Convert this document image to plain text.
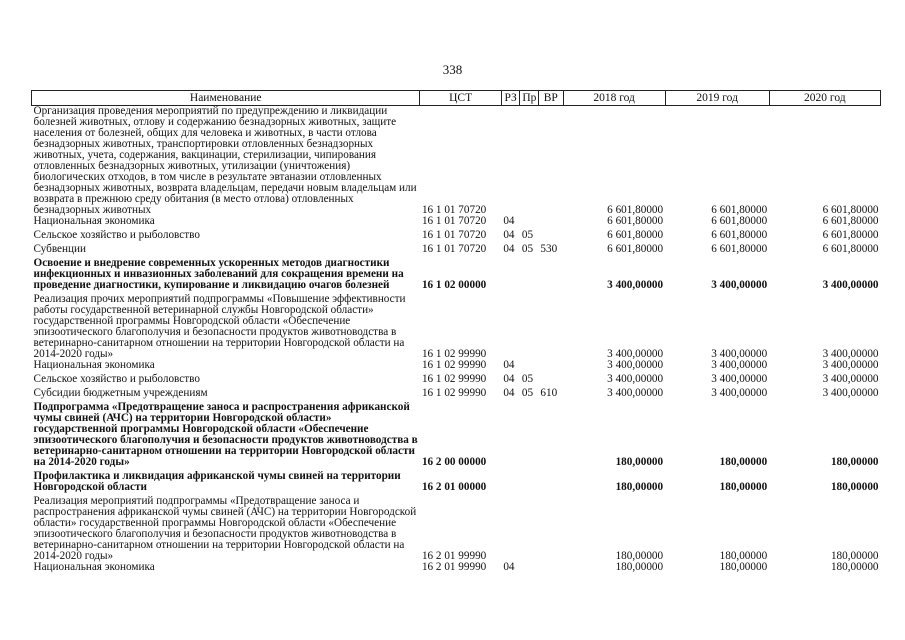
338
Наименование	ЦСТ	РЗ	Пр	ВР	2018 год	2019 год	2020 год
Организация проведения мероприятий по предупреждению и ликвидации болезней животных, отлову и содержанию безнадзорных животных, защите населения от болезней, общих для человека и животных, в части отлова безнадзорных животных, транспортировки отловленных безнадзорных животных, учета, содержания, вакцинации, стерилизации, чипирования отловленных безнадзорных животных, утилизации (уничтожения) биологических отходов, в том числе в результате эвтаназии отловленных безнадзорных животных, возврата владельцам, передачи новым владельцам или возврата в прежнюю среду обитания (в место отлова) отловленных безнадзорных животных	16 1 01 70720				6 601,80000	6 601,80000	6 601,80000
Национальная экономика	16 1 01 70720	04			6 601,80000	6 601,80000	6 601,80000
Сельское хозяйство и рыболовство	16 1 01 70720	04	05		6 601,80000	6 601,80000	6 601,80000
Субвенции	16 1 01 70720	04	05	530	6 601,80000	6 601,80000	6 601,80000
Освоение и внедрение современных ускоренных методов диагностики инфекционных и инвазионных заболеваний для сокращения времени на проведение диагностики, купирование и ликвидацию очагов болезней	16 1 02 00000				3 400,00000	3 400,00000	3 400,00000
Реализация прочих мероприятий подпрограммы «Повышение эффективности работы государственной ветеринарной службы Новгородской области» государственной программы Новгородской области «Обеспечение эпизоотического благополучия и безопасности продуктов животноводства в ветеринарно-санитарном отношении на территории Новгородской области на 2014-2020 годы»	16 1 02 99990				3 400,00000	3 400,00000	3 400,00000
Национальная экономика	16 1 02 99990	04			3 400,00000	3 400,00000	3 400,00000
Сельское хозяйство и рыболовство	16 1 02 99990	04	05		3 400,00000	3 400,00000	3 400,00000
Субсидии бюджетным учреждениям	16 1 02 99990	04	05	610	3 400,00000	3 400,00000	3 400,00000
Подпрограмма «Предотвращение заноса и распространения африканской чумы свиней (АЧС) на территории Новгородской области» государственной программы Новгородской области «Обеспечение эпизоотического благополучия и безопасности продуктов животноводства в ветеринарно-санитарном отношении на территории Новгородской области на 2014-2020 годы»	16 2 00 00000				180,00000	180,00000	180,00000
Профилактика и ликвидация африканской чумы свиней на территории Новгородской области	16 2 01 00000				180,00000	180,00000	180,00000
Реализация мероприятий подпрограммы «Предотвращение заноса и распространения африканской чумы свиней (АЧС) на территории Новгородской области» государственной программы Новгородской области «Обеспечение эпизоотического благополучия и безопасности продуктов животноводства в ветеринарно-санитарном отношении на территории Новгородской области на 2014-2020 годы»	16 2 01 99990				180,00000	180,00000	180,00000
Национальная экономика	16 2 01 99990	04			180,00000	180,00000	180,00000
